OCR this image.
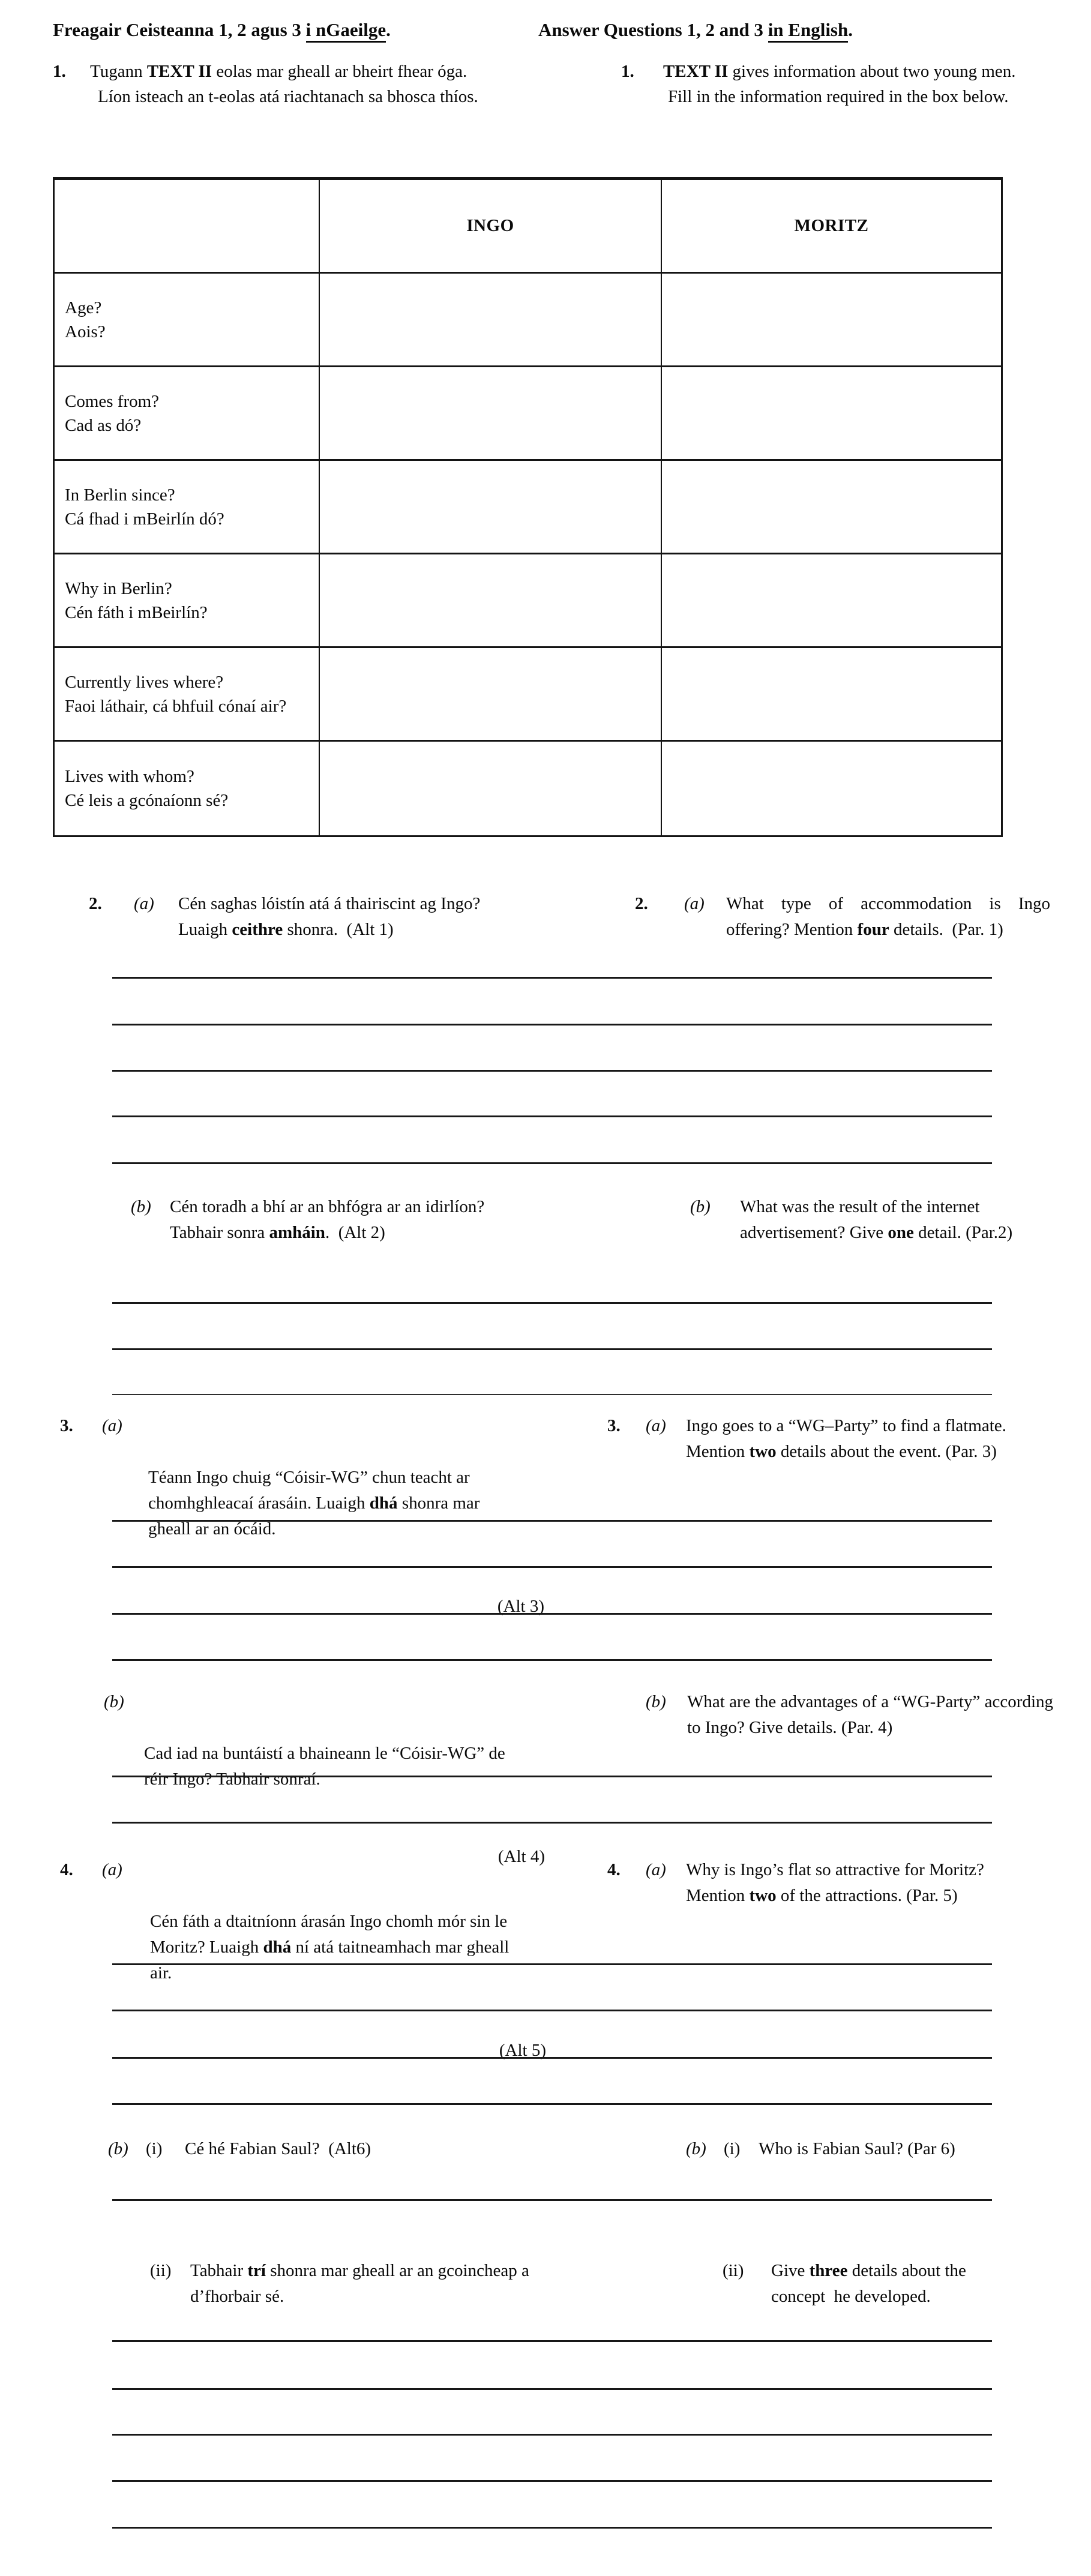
Freagair Ceisteanna 1, 2 agus 3 i nGaeilge.	Answer Questions 1, 2 and 3 in English.
1. Tugann TEXT II eolas mar gheall ar bheirt fhear óga.
Líon isteach an t-eolas atá riachtanach sa bhosca thíos.
1. TEXT II gives information about two young men.
Fill in the information required in the box below.
INGO	MORITZ
Age?
Aois?
Comes from?
Cad as dó?
In Berlin since?
Cá fhad i mBeirlín dó?
Why in Berlin?
Cén fáth i mBeirlín?
Currently lives where?
Faoi láthair, cá bhfuil cónaí air?
Lives with whom?
Cé leis a gcónaíonn sé?
2. (a) Cén saghas lóistín atá á thairiscint ag Ingo?
Luaigh ceithre shonra.  (Alt 1)
2. (a) What type of accommodation is Ingo offering? Mention four details.  (Par. 1)
(b) Cén toradh a bhí ar an bhfógra ar an idirlíon?
Tabhair sonra amháin.  (Alt 2)
(b) What was the result of the internet advertisement? Give one detail. (Par.2)
3. (a)

Téann Ingo chuig “Cóisir-WG” chun teacht ar chomhghleacaí árasáin. Luaigh dhá shonra mar gheall ar an ócáid.

(Alt 3)

3. (a) Ingo goes to a “WG–Party” to find a flatmate. Mention two details about the event. (Par. 3)
(b)

Cad iad na buntáistí a bhaineann le “Cóisir-WG” de réir Ingo? Tabhair sonraí.

(Alt 4)

(b) What are the advantages of a “WG-Party” according to Ingo? Give details. (Par. 4)
4. (a)

Cén fáth a dtaitníonn árasán Ingo chomh mór sin le Moritz? Luaigh dhá ní atá taitneamhach mar gheall air.

(Alt 5)

4. (a) Why is Ingo’s flat so attractive for Moritz? Mention two of the attractions. (Par. 5)
(b) (i) Cé hé Fabian Saul?  (Alt6)	(b) (i) Who is Fabian Saul? (Par 6)
(ii) Tabhair trí shonra mar gheall ar an gcoincheap a d’fhorbair sé.
(ii) Give three details about the concept  he developed.
